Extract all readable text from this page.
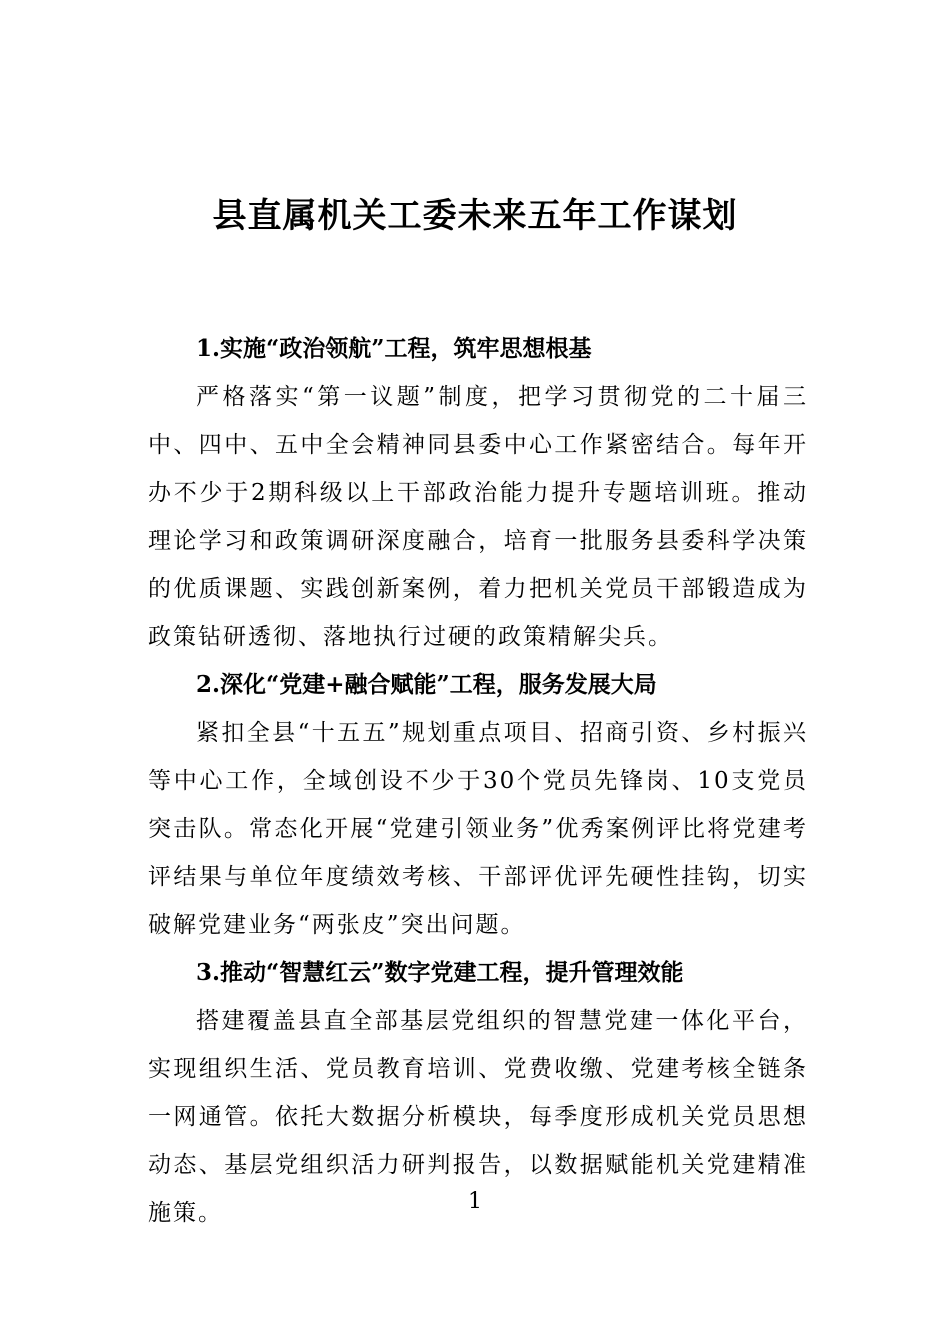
县直属机关工委未来五年工作谋划

1.实施“政治领航”工程，筑牢思想根基

严格落实“第一议题”制度，把学习贯彻党的二十届三中、四中、五中全会精神同县委中心工作紧密结合。每年开办不少于2期科级以上干部政治能力提升专题培训班。推动理论学习和政策调研深度融合，培育一批服务县委科学决策的优质课题、实践创新案例，着力把机关党员干部锻造成为政策钻研透彻、落地执行过硬的政策精解尖兵。

2.深化“党建+融合赋能”工程，服务发展大局

紧扣全县“十五五”规划重点项目、招商引资、乡村振兴等中心工作，全域创设不少于30个党员先锋岗、10支党员突击队。常态化开展“党建引领业务”优秀案例评比将党建考评结果与单位年度绩效考核、干部评优评先硬性挂钩，切实破解党建业务“两张皮”突出问题。

3.推动“智慧红云”数字党建工程，提升管理效能

搭建覆盖县直全部基层党组织的智慧党建一体化平台，实现组织生活、党员教育培训、党费收缴、党建考核全链条一网通管。依托大数据分析模块，每季度形成机关党员思想动态、基层党组织活力研判报告，以数据赋能机关党建精准施策。	1
